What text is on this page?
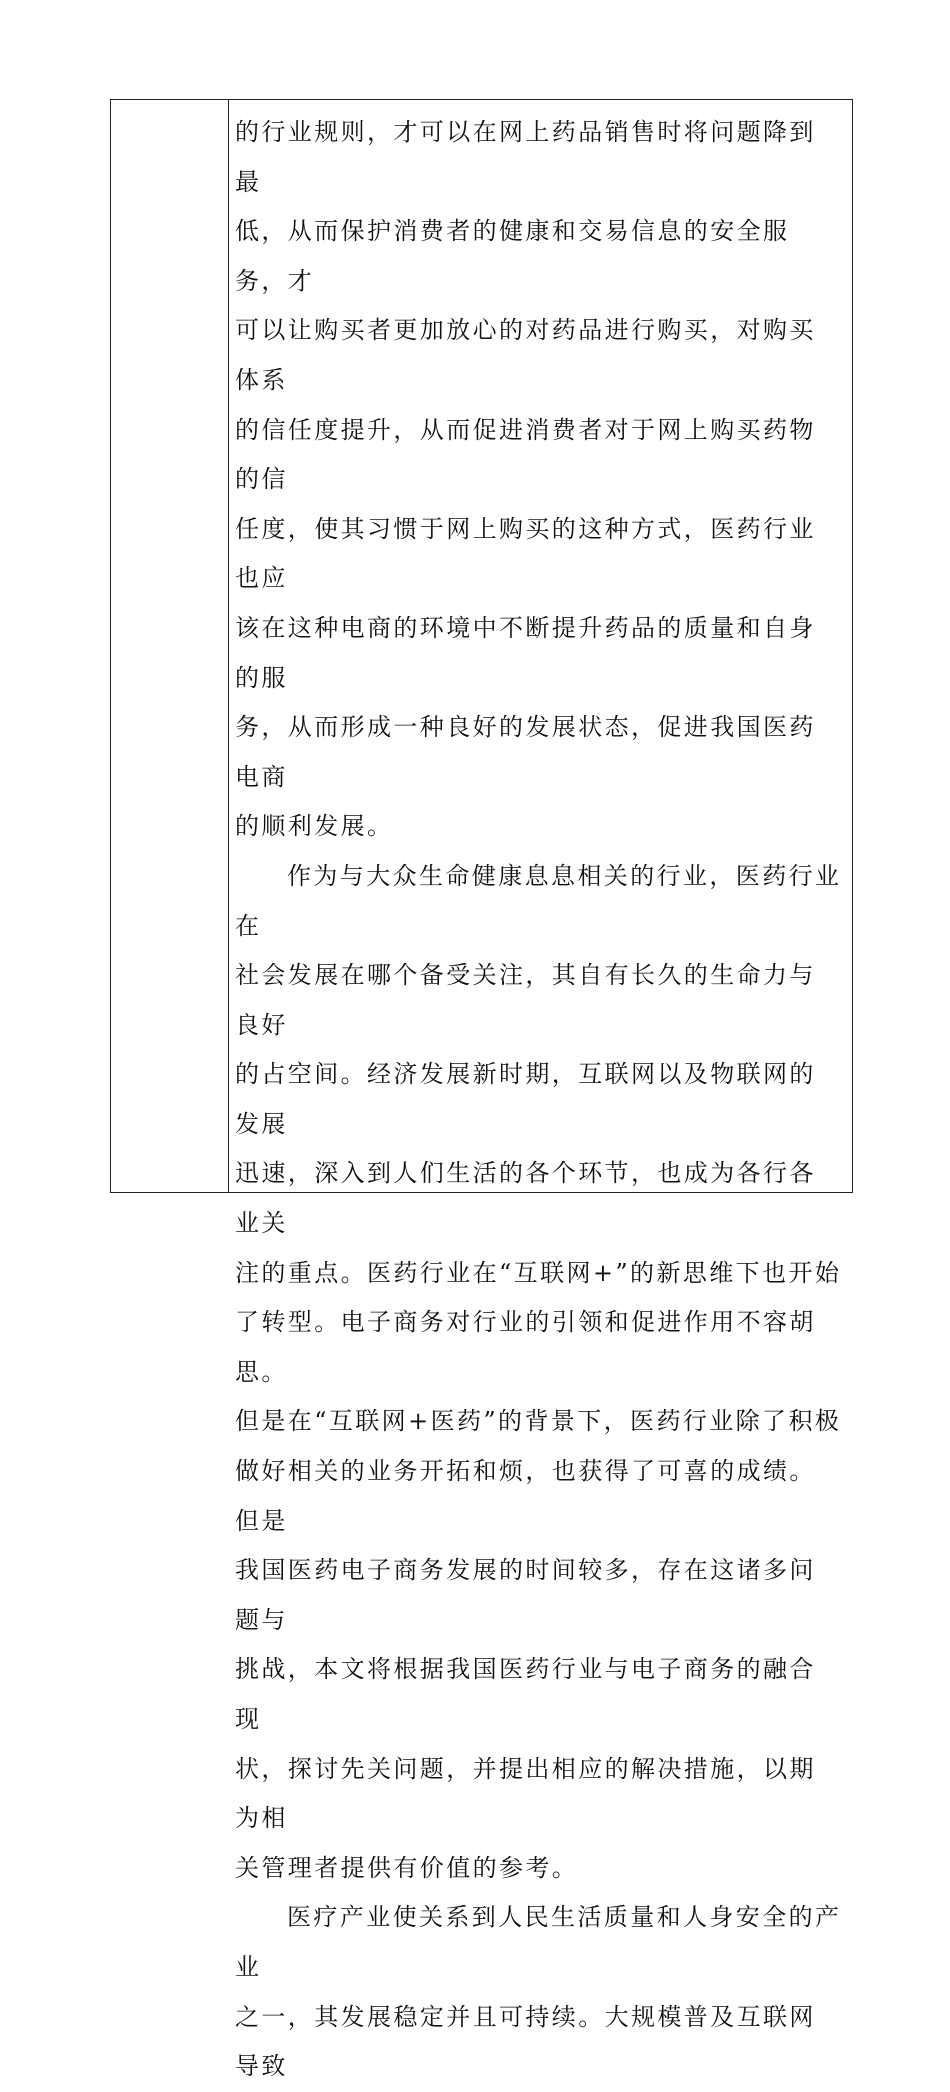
的行业规则，才可以在网上药品销售时将问题降到最
低，从而保护消费者的健康和交易信息的安全服务，才
可以让购买者更加放心的对药品进行购买，对购买体系
的信任度提升，从而促进消费者对于网上购买药物的信
任度，使其习惯于网上购买的这种方式，医药行业也应
该在这种电商的环境中不断提升药品的质量和自身的服
务，从而形成一种良好的发展状态，促进我国医药电商
的顺利发展。

作为与大众生命健康息息相关的行业，医药行业在
社会发展在哪个备受关注，其自有长久的生命力与良好
的占空间。经济发展新时期，互联网以及物联网的发展
迅速，深入到人们生活的各个环节，也成为各行各业关
注的重点。医药行业在“互联网+”的新思维下也开始
了转型。电子商务对行业的引领和促进作用不容胡思。
但是在“互联网+医药”的背景下，医药行业除了积极
做好相关的业务开拓和烦，也获得了可喜的成绩。但是
我国医药电子商务发展的时间较多，存在这诸多问题与
挑战，本文将根据我国医药行业与电子商务的融合现
状，探讨先关问题，并提出相应的解决措施，以期为相
关管理者提供有价值的参考。

医疗产业使关系到人民生活质量和人身安全的产业
之一，其发展稳定并且可持续。大规模普及互联网导致
